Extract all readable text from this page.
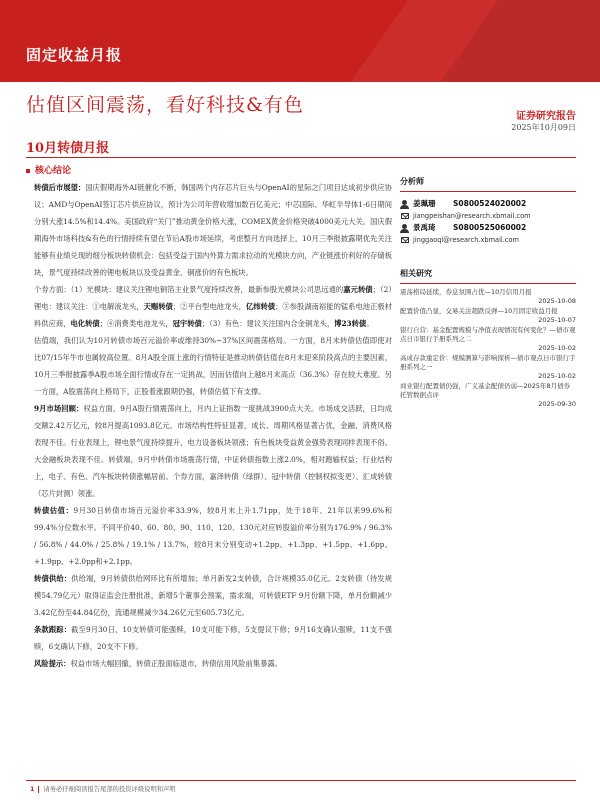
固定收益月报
估值区间震荡，看好科技&有色
10月转债月报
证券研究报告
2025年10月09日
核心结论

转债后市展望：国庆假期海外AI链催化不断，韩国两个内存芯片巨头与OpenAI的星际之门项目达成初步供应协议；AMD与OpenAI签订芯片供应协议，预计为公司年营收增加数百亿美元；中芯国际、华虹半导体1-6日期间分别大涨14.5%和14.4%。美国政府“关门”推动黄金价格大涨，COMEX黄金价格突破4000美元大关。国庆假期海外市场科技&有色的行情持续有望在节后A股市场延续，考虑整月方向选择上，10月三季报披露期优先关注能够有业绩兑现的细分板块转债机会：包括受益于国内外算力需求拉动的光模块方向，产业链涨价利好的存储板块，景气度持续改善的锂电板块以及受益黄金、铜涨价的有色板块。

个券方面：（1）光模块：建议关注锂电铜箔主业景气度持续改善，最新参股光模块公司思远通的嘉元转债；（2）锂电：建议关注：①电解液龙头，天赐转债；②平台型电池龙头，亿纬转债；③参股湖南裕能的锰系电池正极材料供应商，电化转债；④消费类电池龙头，冠宇转债；（3）有色：建议关注国内合金铜龙头，博23转债。

估值端，我们认为10月转债市场百元溢价率或维持30%~37%区间震荡格局。一方面，8月末转债估值即使对比07/15年牛市也属较高位置。8月A股全面上涨的行情特征是推动转债估值在8月末迎来阶段高点的主要因素，10月三季报披露季A股市场全面行情或存在一定挑战，因而估值向上越8月末高点（36.3%）存在较大难度。另一方面，A股震荡向上格局下，正股着涨跟期仍强，转债估值下有支撑。

9月市场回顾：权益方面，9月A股行情震荡向上，月内上证指数一度挑战3900点大关。市场成交活跃，日均成交额2.42万亿元，较8月提高1093.8亿元。市场结构性特征显著，成长、周期风格显著占优，金融、消费风格表现不佳。行业表现上，锂电景气度持续提升，电力设备板块领涨；有色板块受益黄金强势表现同样表现不俗。大金融板块表现不佳。转债端，9月中转债市场震荡行情，中证转债指数上涨2.0%，相对跑输权益；行业结构上，电子、有色、汽车板块转债涨幅居前。个券方面，嘉泽转债（绿群）、冠中转债（控制权拟变更）、汇成转债（芯片封测）领涨。

转债估值：9月30日转债市场百元溢价率33.9%，较8月末上升1.71pp，处于18年、21年以来99.6%和99.4%分位数水平。不同平价40、60、80、90、110、120、130元对应转股溢价率分别为176.9% / 96.3% / 56.8% / 44.0% / 25.8% / 19.1% / 13.7%，较8月末分别变动+1.2pp、+1.3pp、+1.5pp、+1.6pp、+1.9pp、+2.0pp和+2.1pp。

转债供给：供给端，9月转债供给网环比有所增加；单月新发2支转债，合计规模35.0亿元。2支转债（待发规模54.79亿元）取得证监会注册批准，新增5个董事会预案，需求端，可转债ETF 9月份额下降，单月份额减少3.42亿份至44.84亿份，流通规模减少34.26亿元至605.73亿元。

条款跟踪：截至9月30日，10支转债可能强赎，10支可能下修，5支提议下修；9月16支确认强赎，11支不强赎，6支确认下修，20支不下修。

风险提示：权益市场大幅回撤，转债正股面临退市，转债信用风险前集暴露。

分析师
姜珮珊	S0800524020002
jiangpeishan@research.xbmail.com
景禹琦	S0800525060002
jinggaoqi@research.xbmail.com
相关研究
震荡格局延续，券息氛围占优—10月信用月报
2025-10-08
配置价值凸显，交易关注超跌反弹—10月固定收益月报
2025-10-07
银行自营：基金配置规模与净值表现情况有何变化？—债市观点日市银行手册系列之二
2025-10-02
高成存款重定价：规模测算与影响探析—债市观点日市银行手册系列之一
2025-10-02
商业银行配置债仍强，广义基金配债仍弱—2025年8月债券托管数据点评
2025-09-30
1 请务必仔细阅读报告尾部的投资评级说明和声明
